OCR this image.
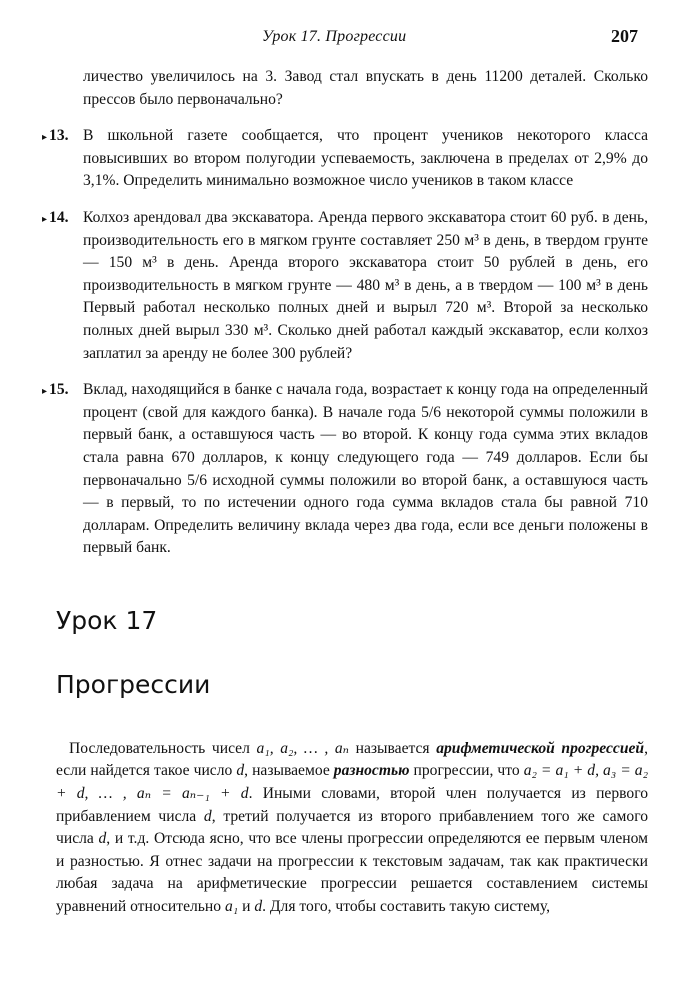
Урок 17. Прогрессии	207

личество увеличилось на 3. Завод стал впускать в день 11200 деталей. Сколько прессов было первоначально?

▸ 13. В школьной газете сообщается, что процент учеников некоторого класса повысивших во втором полугодии успеваемость, заключена в пределах от 2,9% до 3,1%. Определить минимально возможное число учеников в таком классе
▸ 14. Колхоз арендовал два экскаватора. Аренда первого экскаватора стоит 60 руб. в день, производительность его в мягком грунте составляет 250 м³ в день, в твердом грунте — 150 м³ в день. Аренда второго экскаватора стоит 50 рублей в день, его производительность в мягком грунте — 480 м³ в день, а в твердом — 100 м³ в день Первый работал несколько полных дней и вырыл 720 м³. Второй за несколько полных дней вырыл 330 м³. Сколько дней работал каждый экскаватор, если колхоз заплатил за аренду не более 300 рублей?
▸ 15. Вклад, находящийся в банке с начала года, возрастает к концу года на определенный процент (свой для каждого банка). В начале года 5/6 некоторой суммы положили в первый банк, а оставшуюся часть — во второй. К концу года сумма этих вкладов стала равна 670 долларов, к концу следующего года — 749 долларов. Если бы первоначально 5/6 исходной суммы положили во второй банк, а оставшуюся часть — в первый, то по истечении одного года сумма вкладов стала бы равной 710 долларам. Определить величину вклада через два года, если все деньги положены в первый банк.
Урок 17
Прогрессии

Последовательность чисел a₁, a₂, … , aₙ называется арифметической прогрессией, если найдется такое число d, называемое разностью прогрессии, что a₂ = a₁ + d, a₃ = a₂ + d, … , aₙ = aₙ₋₁ + d. Иными словами, второй член получается из первого прибавлением числа d, третий получается из второго прибавлением того же самого числа d, и т.д. Отсюда ясно, что все члены прогрессии определяются ее первым членом и разностью. Я отнес задачи на прогрессии к текстовым задачам, так как практически любая задача на арифметические прогрессии решается составлением системы уравнений относительно a₁ и d. Для того, чтобы составить такую систему,
